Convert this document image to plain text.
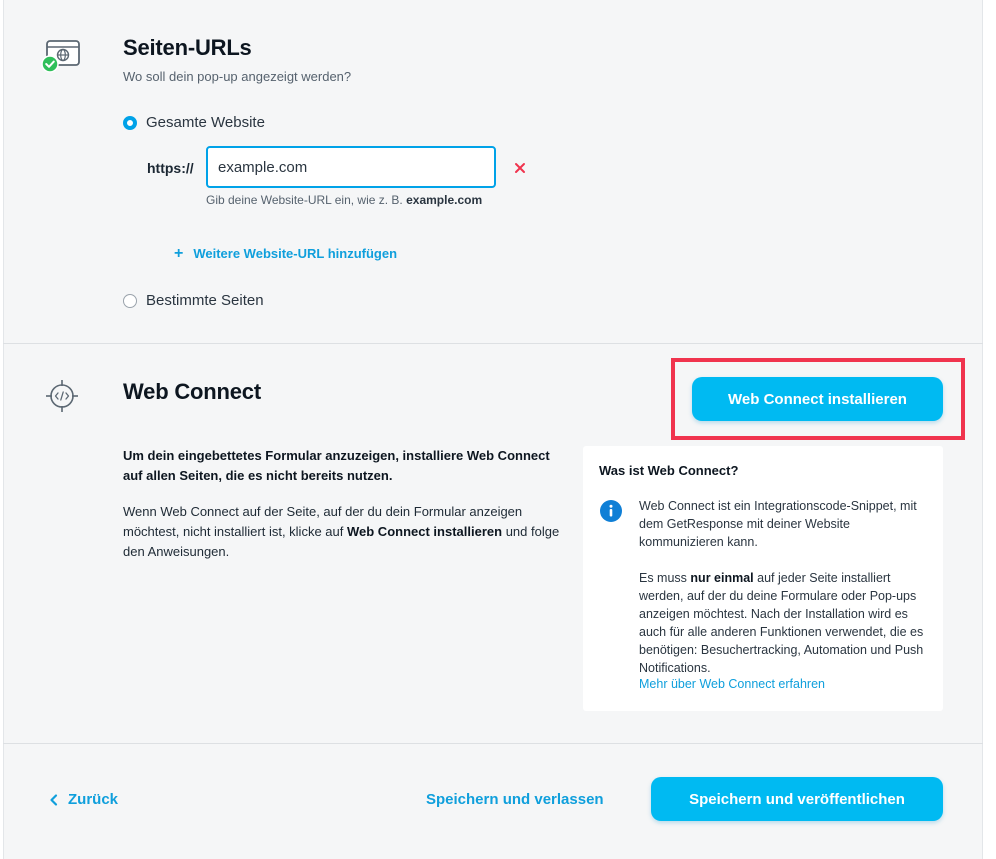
Seiten-URLs
Wo soll dein pop-up angezeigt werden?
Gesamte Website
https://
example.com
Gib deine Website-URL ein, wie z. B. example.com
+ Weitere Website-URL hinzufügen
Bestimmte Seiten
Web Connect	Web Connect installieren
Um dein eingebettetes Formular anzuzeigen, installiere Web Connect auf allen Seiten, die es nicht bereits nutzen.
Wenn Web Connect auf der Seite, auf der du dein Formular anzeigen möchtest, nicht installiert ist, klicke auf Web Connect installieren und folge den Anweisungen.
Was ist Web Connect?
Web Connect ist ein Integrationscode-Snippet, mit dem GetResponse mit deiner Website kommunizieren kann.
Es muss nur einmal auf jeder Seite installiert werden, auf der du deine Formulare oder Pop-ups anzeigen möchtest. Nach der Installation wird es auch für alle anderen Funktionen verwendet, die es benötigen: Besuchertracking, Automation und Push Notifications.
Mehr über Web Connect erfahren
Zurück	Speichern und verlassen	Speichern und veröffentlichen
